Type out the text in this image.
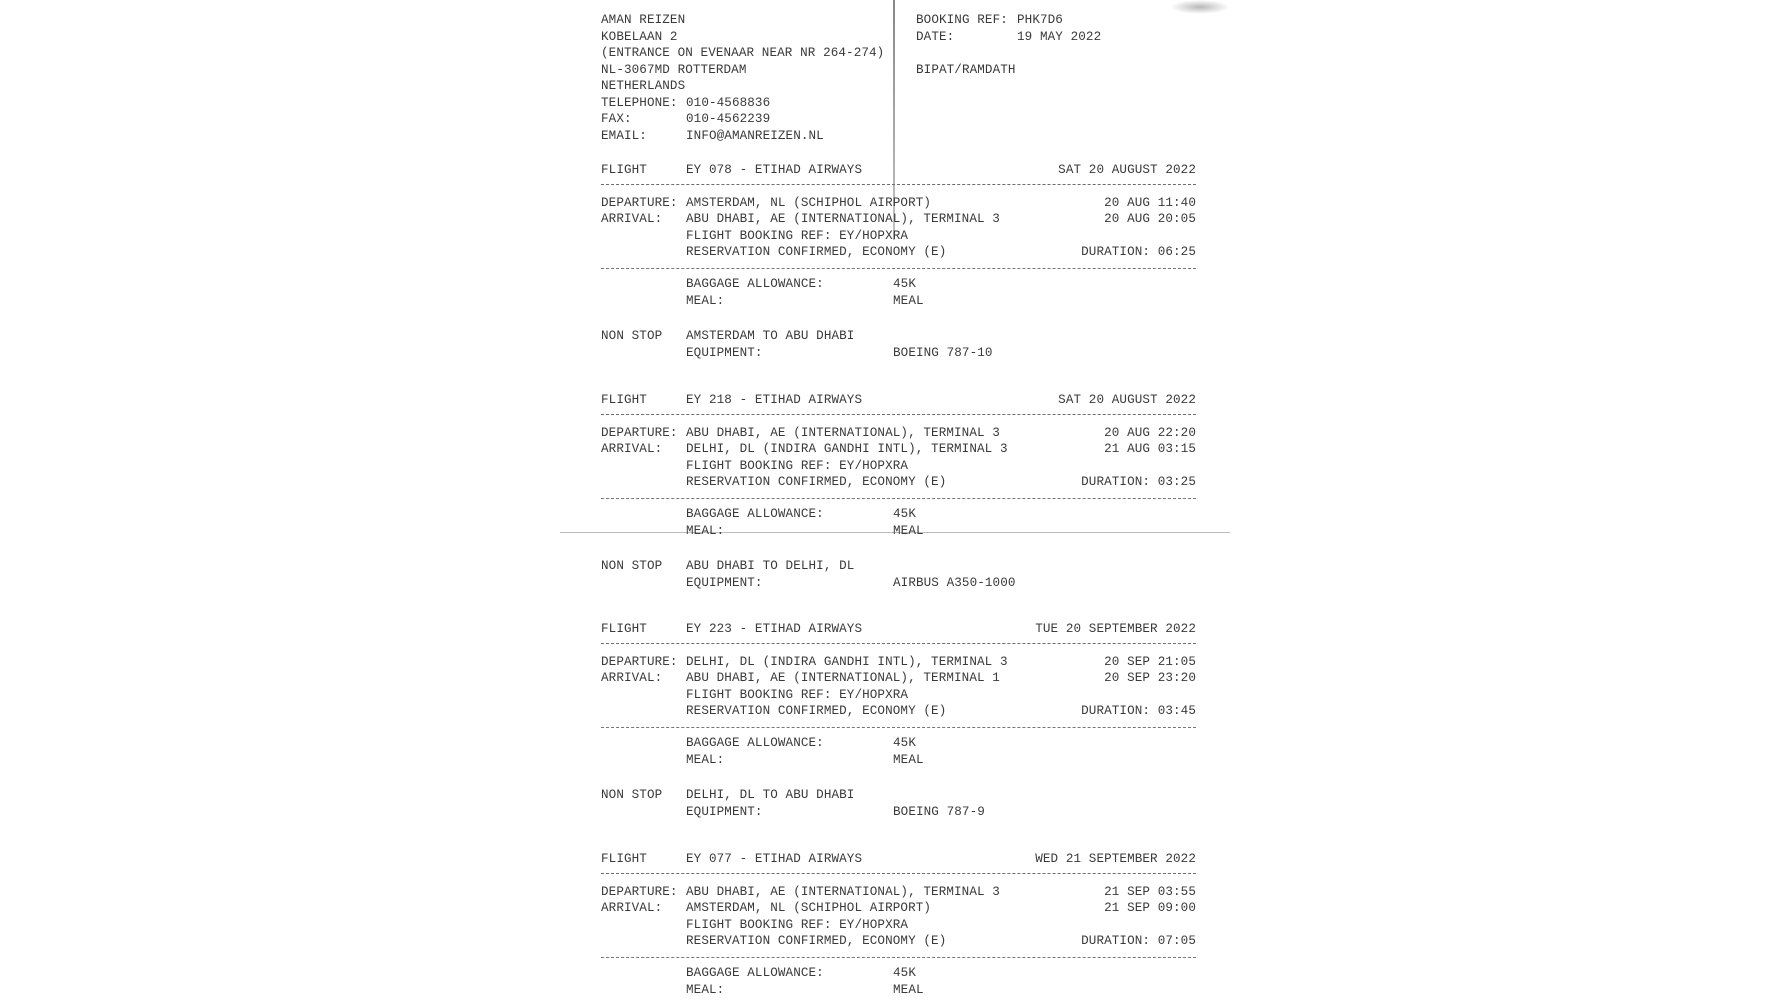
AMAN REIZEN
KOBELAAN 2
(ENTRANCE ON EVENAAR NEAR NR 264-274)
NL-3067MD ROTTERDAM
NETHERLANDS
TELEPHONE: 010-4568836
FAX:	010-4562239
EMAIL:	INFO@AMANREIZEN.NL
BOOKING REF: PHK7D6
DATE:	19 MAY 2022
BIPAT/RAMDATH
FLIGHT	EY 078 - ETIHAD AIRWAYS	SAT 20 AUGUST 2022
DEPARTURE: AMSTERDAM, NL (SCHIPHOL AIRPORT)	20 AUG 11:40
ARRIVAL: ABU DHABI, AE (INTERNATIONAL), TERMINAL 3	20 AUG 20:05
FLIGHT BOOKING REF: EY/HOPXRA
RESERVATION CONFIRMED, ECONOMY (E)	DURATION: 06:25
BAGGAGE ALLOWANCE:	45K
MEAL:	MEAL
NON STOP AMSTERDAM TO ABU DHABI
EQUIPMENT:	BOEING 787-10
FLIGHT	EY 218 - ETIHAD AIRWAYS	SAT 20 AUGUST 2022
DEPARTURE: ABU DHABI, AE (INTERNATIONAL), TERMINAL 3	20 AUG 22:20
ARRIVAL: DELHI, DL (INDIRA GANDHI INTL), TERMINAL 3	21 AUG 03:15
FLIGHT BOOKING REF: EY/HOPXRA
RESERVATION CONFIRMED, ECONOMY (E)	DURATION: 03:25
BAGGAGE ALLOWANCE:	45K
MEAL:	MEAL
NON STOP ABU DHABI TO DELHI, DL
EQUIPMENT:	AIRBUS A350-1000
FLIGHT	EY 223 - ETIHAD AIRWAYS	TUE 20 SEPTEMBER 2022
DEPARTURE: DELHI, DL (INDIRA GANDHI INTL), TERMINAL 3	20 SEP 21:05
ARRIVAL: ABU DHABI, AE (INTERNATIONAL), TERMINAL 1	20 SEP 23:20
FLIGHT BOOKING REF: EY/HOPXRA
RESERVATION CONFIRMED, ECONOMY (E)	DURATION: 03:45
BAGGAGE ALLOWANCE:	45K
MEAL:	MEAL
NON STOP DELHI, DL TO ABU DHABI
EQUIPMENT:	BOEING 787-9
FLIGHT	EY 077 - ETIHAD AIRWAYS	WED 21 SEPTEMBER 2022
DEPARTURE: ABU DHABI, AE (INTERNATIONAL), TERMINAL 3	21 SEP 03:55
ARRIVAL: AMSTERDAM, NL (SCHIPHOL AIRPORT)	21 SEP 09:00
FLIGHT BOOKING REF: EY/HOPXRA
RESERVATION CONFIRMED, ECONOMY (E)	DURATION: 07:05
BAGGAGE ALLOWANCE:	45K
MEAL:	MEAL
